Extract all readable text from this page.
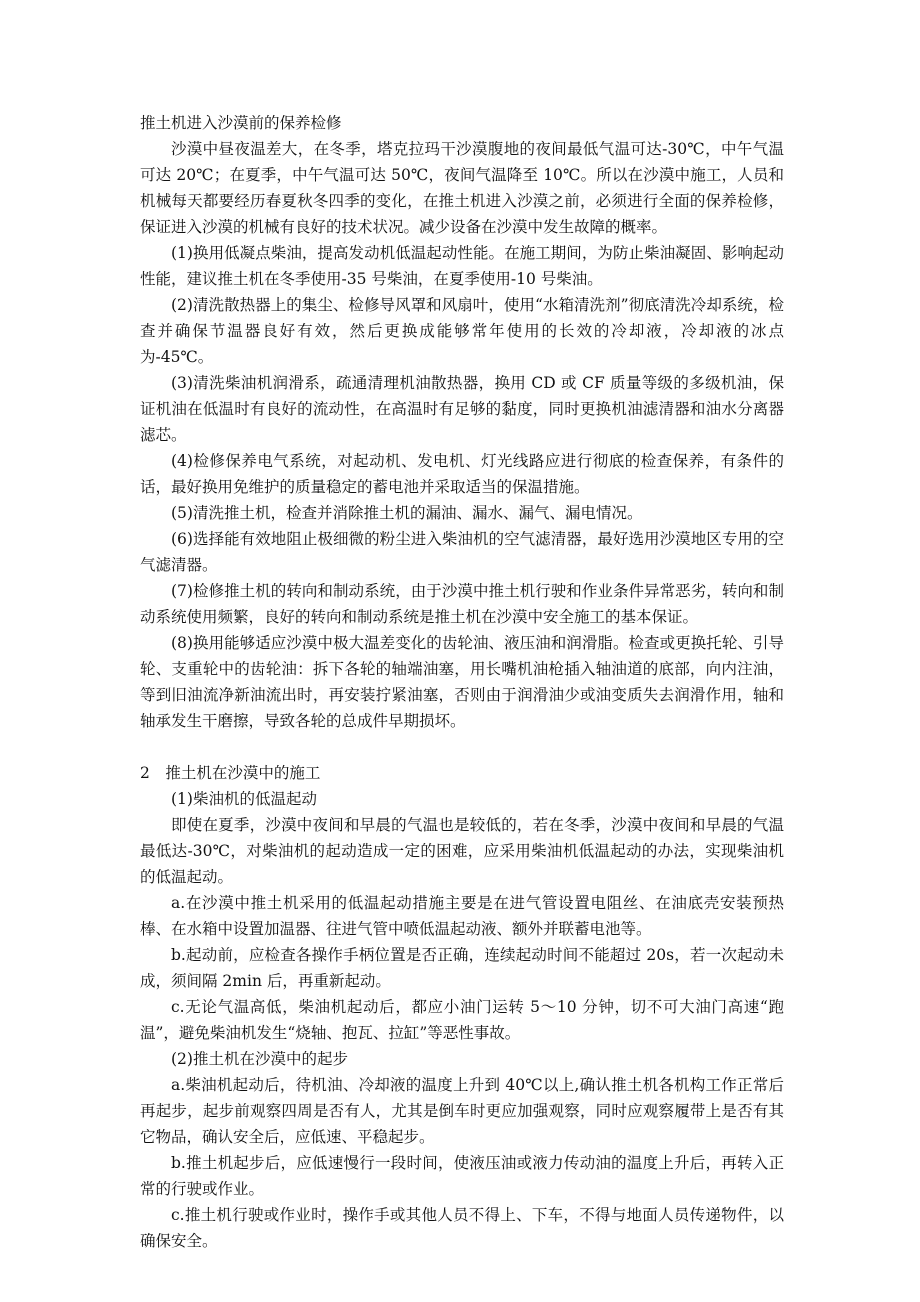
推土机进入沙漠前的保养检修

沙漠中昼夜温差大，在冬季，塔克拉玛干沙漠腹地的夜间最低气温可达-30℃，中午气温可达 20℃；在夏季，中午气温可达 50℃，夜间气温降至 10℃。所以在沙漠中施工，人员和机械每天都要经历春夏秋冬四季的变化，在推土机进入沙漠之前，必须进行全面的保养检修，保证进入沙漠的机械有良好的技术状况。减少设备在沙漠中发生故障的概率。

(1)换用低凝点柴油，提高发动机低温起动性能。在施工期间，为防止柴油凝固、影响起动性能，建议推土机在冬季使用-35 号柴油，在夏季使用-10 号柴油。

(2)清洗散热器上的集尘、检修导风罩和风扇叶，使用“水箱清洗剂”彻底清洗冷却系统，检查并确保节温器良好有效，然后更换成能够常年使用的长效的冷却液，冷却液的冰点为-45℃。

(3)清洗柴油机润滑系，疏通清理机油散热器，换用 CD 或 CF 质量等级的多级机油，保证机油在低温时有良好的流动性，在高温时有足够的黏度，同时更换机油滤清器和油水分离器滤芯。

(4)检修保养电气系统，对起动机、发电机、灯光线路应进行彻底的检查保养，有条件的话，最好换用免维护的质量稳定的蓄电池并采取适当的保温措施。

(5)清洗推土机，检查并消除推土机的漏油、漏水、漏气、漏电情况。

(6)选择能有效地阻止极细微的粉尘进入柴油机的空气滤清器，最好选用沙漠地区专用的空气滤清器。

(7)检修推土机的转向和制动系统，由于沙漠中推土机行驶和作业条件异常恶劣，转向和制动系统使用频繁，良好的转向和制动系统是推土机在沙漠中安全施工的基本保证。

(8)换用能够适应沙漠中极大温差变化的齿轮油、液压油和润滑脂。检查或更换托轮、引导轮、支重轮中的齿轮油：拆下各轮的轴端油塞，用长嘴机油枪插入轴油道的底部，向内注油，等到旧油流净新油流出时，再安装拧紧油塞，否则由于润滑油少或油变质失去润滑作用，轴和轴承发生干磨擦，导致各轮的总成件早期损坏。

2　推土机在沙漠中的施工

(1)柴油机的低温起动

即使在夏季，沙漠中夜间和早晨的气温也是较低的，若在冬季，沙漠中夜间和早晨的气温最低达-30℃，对柴油机的起动造成一定的困难，应采用柴油机低温起动的办法，实现柴油机的低温起动。

a.在沙漠中推土机采用的低温起动措施主要是在进气管设置电阻丝、在油底壳安装预热棒、在水箱中设置加温器、往进气管中喷低温起动液、额外并联蓄电池等。

b.起动前，应检查各操作手柄位置是否正确，连续起动时间不能超过 20s，若一次起动未成，须间隔 2min 后，再重新起动。

c.无论气温高低，柴油机起动后，都应小油门运转 5～10 分钟，切不可大油门高速“跑温”，避免柴油机发生“烧轴、抱瓦、拉缸”等恶性事故。

(2)推土机在沙漠中的起步

a.柴油机起动后，待机油、冷却液的温度上升到 40℃以上,确认推土机各机构工作正常后再起步，起步前观察四周是否有人，尤其是倒车时更应加强观察，同时应观察履带上是否有其它物品，确认安全后，应低速、平稳起步。

b.推土机起步后，应低速慢行一段时间，使液压油或液力传动油的温度上升后，再转入正常的行驶或作业。

c.推土机行驶或作业时，操作手或其他人员不得上、下车，不得与地面人员传递物件，以确保安全。
